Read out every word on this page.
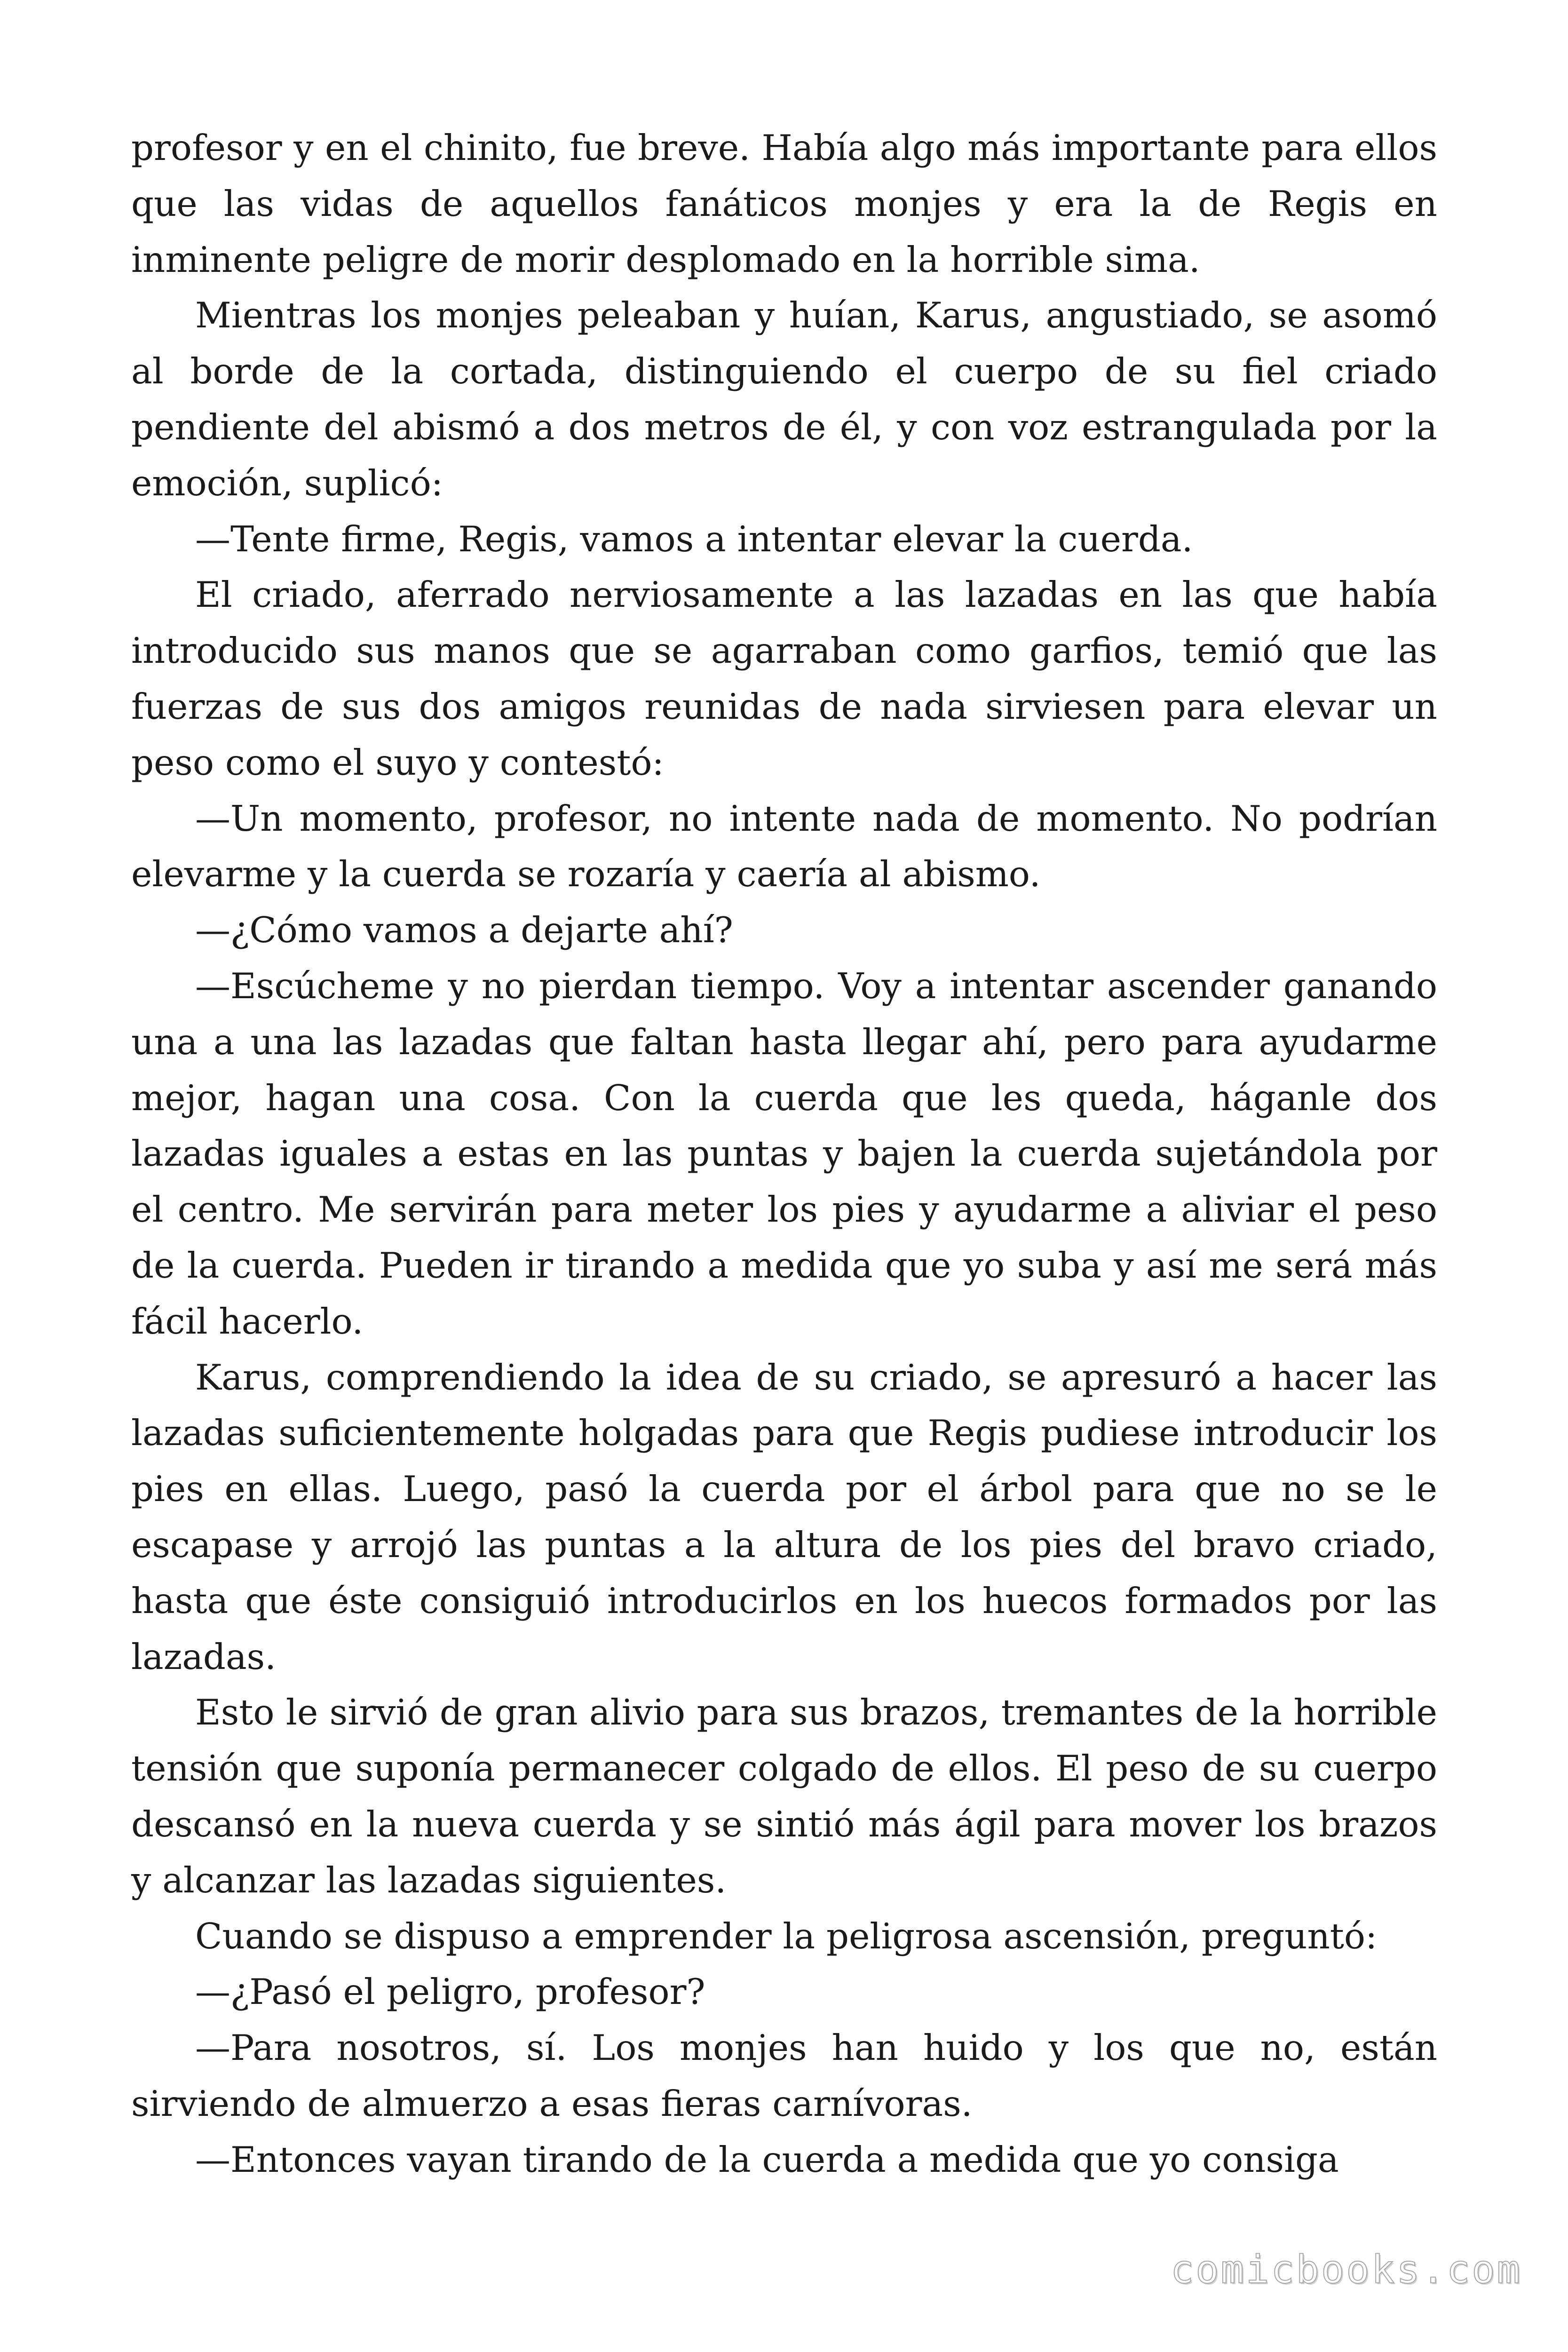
profesor y en el chinito, fue breve. Había algo más importante para ellos que las vidas de aquellos fanáticos monjes y era la de Regis en inminente peligre de morir desplomado en la horrible sima.

Mientras los monjes peleaban y huían, Karus, angustiado, se asomó al borde de la cortada, distinguiendo el cuerpo de su fiel criado pendiente del abismó a dos metros de él, y con voz estrangulada por la emoción, suplicó:

—Tente firme, Regis, vamos a intentar elevar la cuerda.

El criado, aferrado nerviosamente a las lazadas en las que había introducido sus manos que se agarraban como garfios, temió que las fuerzas de sus dos amigos reunidas de nada sirviesen para elevar un peso como el suyo y contestó:

—Un momento, profesor, no intente nada de momento. No podrían elevarme y la cuerda se rozaría y caería al abismo.

—¿Cómo vamos a dejarte ahí?

—Escúcheme y no pierdan tiempo. Voy a intentar ascender ganando una a una las lazadas que faltan hasta llegar ahí, pero para ayudarme mejor, hagan una cosa. Con la cuerda que les queda, háganle dos lazadas iguales a estas en las puntas y bajen la cuerda sujetándola por el centro. Me servirán para meter los pies y ayudarme a aliviar el peso de la cuerda. Pueden ir tirando a medida que yo suba y así me será más fácil hacerlo.

Karus, comprendiendo la idea de su criado, se apresuró a hacer las lazadas suficientemente holgadas para que Regis pudiese introducir los pies en ellas. Luego, pasó la cuerda por el árbol para que no se le escapase y arrojó las puntas a la altura de los pies del bravo criado, hasta que éste consiguió introducirlos en los huecos formados por las lazadas.

Esto le sirvió de gran alivio para sus brazos, tremantes de la horrible tensión que suponía permanecer colgado de ellos. El peso de su cuerpo descansó en la nueva cuerda y se sintió más ágil para mover los brazos y alcanzar las lazadas siguientes.

Cuando se dispuso a emprender la peligrosa ascensión, preguntó:

—¿Pasó el peligro, profesor?

—Para nosotros, sí. Los monjes han huido y los que no, están sirviendo de almuerzo a esas fieras carnívoras.

—Entonces vayan tirando de la cuerda a medida que yo consiga

comicbooks.com
